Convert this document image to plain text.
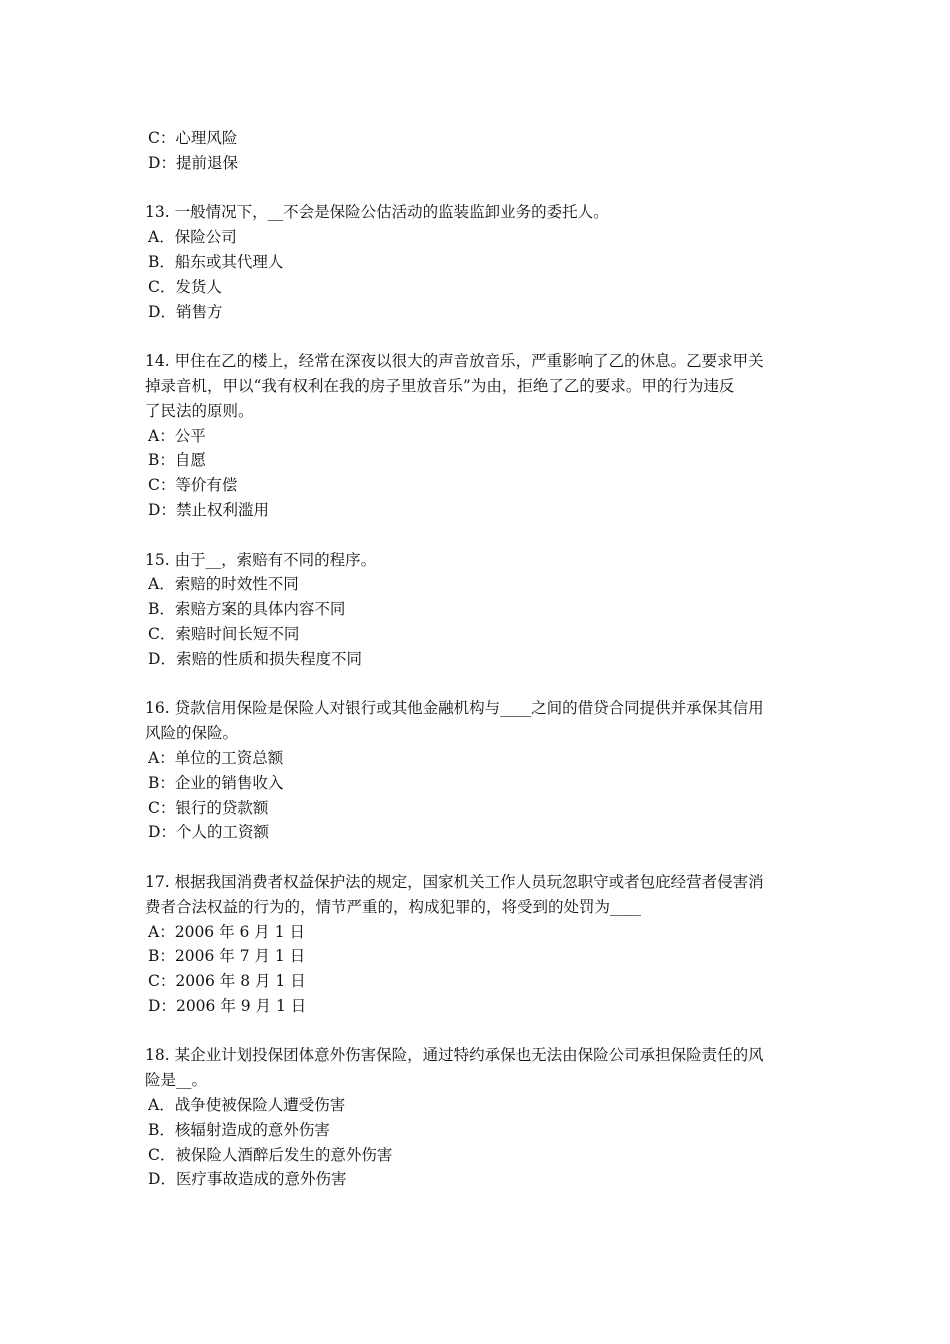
C：心理风险
D：提前退保
13. 一般情况下，__不会是保险公估活动的监装监卸业务的委托人。
A．保险公司
B．船东或其代理人
C．发货人
D．销售方
14. 甲住在乙的楼上，经常在深夜以很大的声音放音乐，严重影响了乙的休息。乙要求甲关
掉录音机，甲以“我有权利在我的房子里放音乐”为由，拒绝了乙的要求。甲的行为违反
了民法的原则。
A：公平
B：自愿
C：等价有偿
D：禁止权利滥用
15. 由于__，索赔有不同的程序。
A．索赔的时效性不同
B．索赔方案的具体内容不同
C．索赔时间长短不同
D．索赔的性质和损失程度不同
16. 贷款信用保险是保险人对银行或其他金融机构与____之间的借贷合同提供并承保其信用
风险的保险。
A：单位的工资总额
B：企业的销售收入
C：银行的贷款额
D：个人的工资额
17. 根据我国消费者权益保护法的规定，国家机关工作人员玩忽职守或者包庇经营者侵害消
费者合法权益的行为的，情节严重的，构成犯罪的，将受到的处罚为____
A：2006 年 6 月 1 日
B：2006 年 7 月 1 日
C：2006 年 8 月 1 日
D：2006 年 9 月 1 日
18. 某企业计划投保团体意外伤害保险，通过特约承保也无法由保险公司承担保险责任的风
险是__。
A．战争使被保险人遭受伤害
B．核辐射造成的意外伤害
C．被保险人酒醉后发生的意外伤害
D．医疗事故造成的意外伤害
